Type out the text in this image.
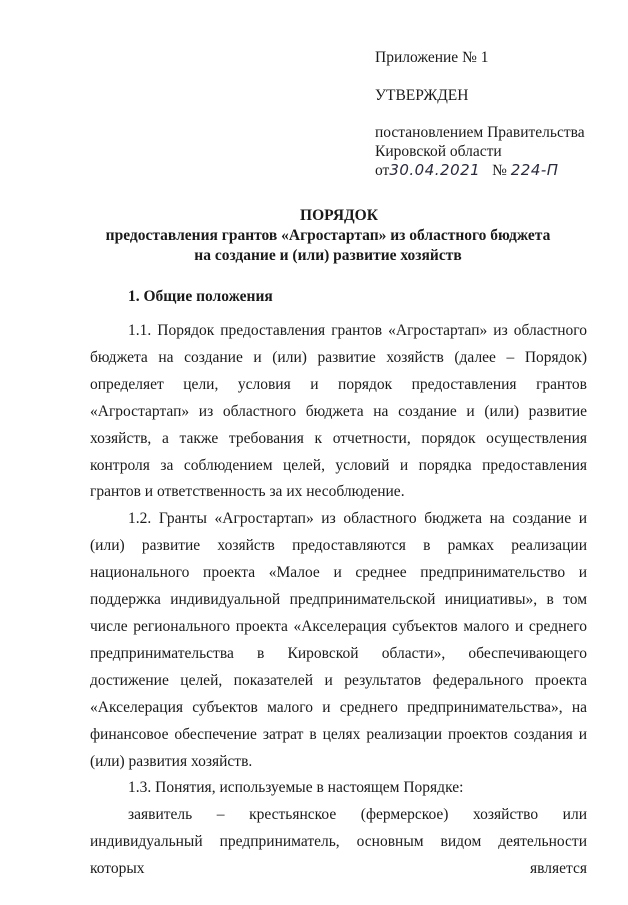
Приложение № 1
УТВЕРЖДЕН
постановлением Правительства
Кировской области
от30.04.2021 № 224-П
ПОРЯДОК
предоставления грантов «Агростартап» из областного бюджета
на создание и (или) развитие хозяйств
1. Общие положения

1.1. Порядок предоставления грантов «Агростартап» из областного бюджета на создание и (или) развитие хозяйств (далее – Порядок) определяет цели, условия и порядок предоставления грантов «Агростартап» из областного бюджета на создание и (или) развитие хозяйств, а также требования к отчетности, порядок осуществления контроля за соблюдением целей, условий и порядка предоставления грантов и ответственность за их несоблюдение.

1.2. Гранты «Агростартап» из областного бюджета на создание и (или) развитие хозяйств предоставляются в рамках реализации национального проекта «Малое и среднее предпринимательство и поддержка индивидуальной предпринимательской инициативы», в том числе регионального проекта «Акселерация субъектов малого и среднего предпринимательства в Кировской области», обеспечивающего достижение целей, показателей и результатов федерального проекта «Акселерация субъектов малого и среднего предпринимательства», на финансовое обеспечение затрат в целях реализации проектов создания и (или) развития хозяйств.

1.3. Понятия, используемые в настоящем Порядке:

заявитель – крестьянское (фермерское) хозяйство или индивидуальный предприниматель, основным видом деятельности которых является
